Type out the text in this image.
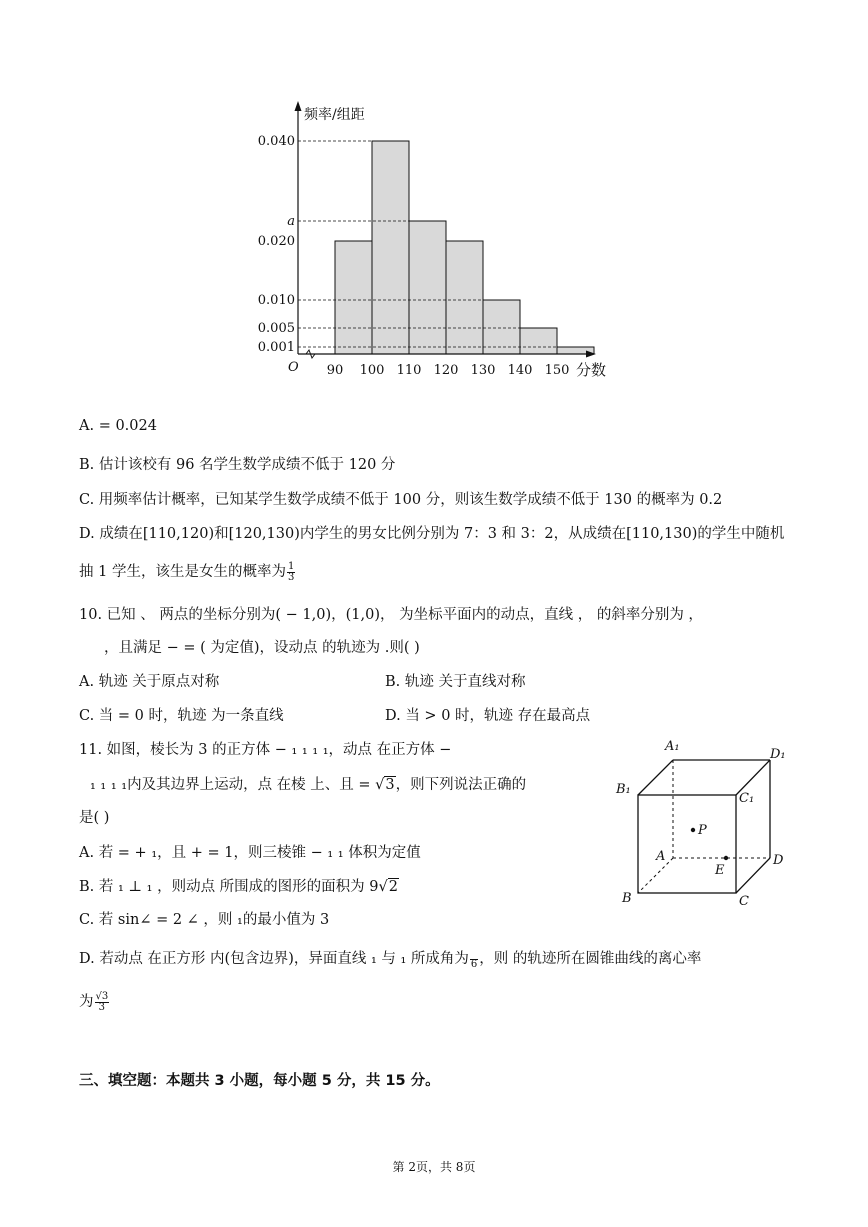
0.040
a
0.020
0.010
0.005
0.001
90 100 110 120 130 140 150
O
频率/组距
分数
A. = 0.024
B. 估计该校有 96 名学生数学成绩不低于 120 分
C. 用频率估计概率，已知某学生数学成绩不低于 100 分，则该生数学成绩不低于 130 的概率为 0.2
D. 成绩在[110,120)和[120,130)内学生的男女比例分别为 7：3 和 3：2，从成绩在[110,130)的学生中随机
抽 1 学生，该生是女生的概率为 $\frac{1}{3}$
10. 已知 、 两点的坐标分别为( − 1,0)，(1,0)， 为坐标平面内的动点，直线 ， 的斜率分别为 ，
，且满足 − = ( 为定值)，设动点 的轨迹为 .则( )
A. 轨迹 关于原点对称	B. 轨迹 关于直线对称
C. 当 = 0 时，轨迹 为一条直线	D. 当 > 0 时，轨迹 存在最高点
11. 如图，棱长为 3 的正方体 − ₁ ₁ ₁ ₁，动点 在正方体 −
₁ ₁ ₁ ₁内及其边界上运动，点 在棱 上、且 = √3，则下列说法正确的
是( )
A. 若 = + ₁，且 + = 1，则三棱锥 − ₁ ₁ 体积为定值
B. 若 ₁ ⊥ ₁ ，则动点 所围成的图形的面积为 9√2
C. 若 sin∠ = 2 ∠ ，则 ₁的最小值为 3
D. 若动点 在正方形 内(包含边界)，异面直线 ₁ 与 ₁ 所成角为
6 ，则 的轨迹所在圆锥曲线的离心率
为 $\frac{√3}{3}$
A₁
D₁
B₁
C₁
A	D
B	C
P
E
三、填空题：本题共 3 小题，每小题 5 分，共 15 分。
第 2页，共 8页
